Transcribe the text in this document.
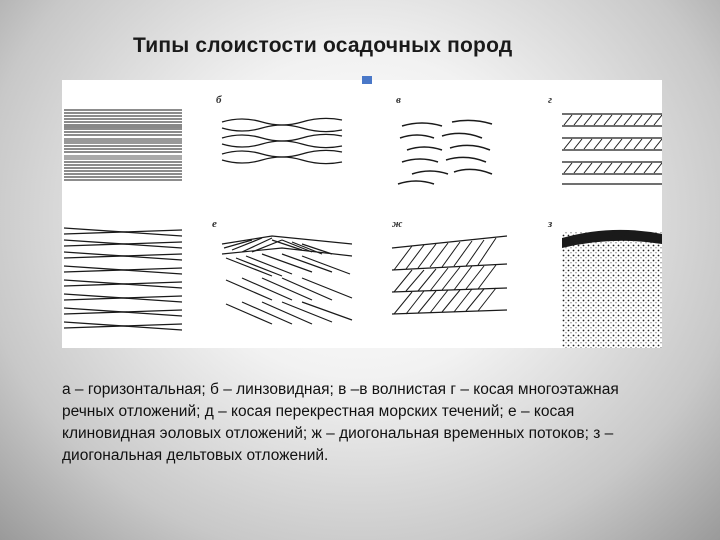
Типы слоистости осадочных пород
б	в	г
е	ж	з
а – горизонтальная; б – линзовидная; в –в волнистая г – косая многоэтажная речных отложений; д – косая перекрестная морских течений; е – косая клиновидная эоловых отложений; ж – диогональная временных потоков; з – диогональная дельтовых отложений.
